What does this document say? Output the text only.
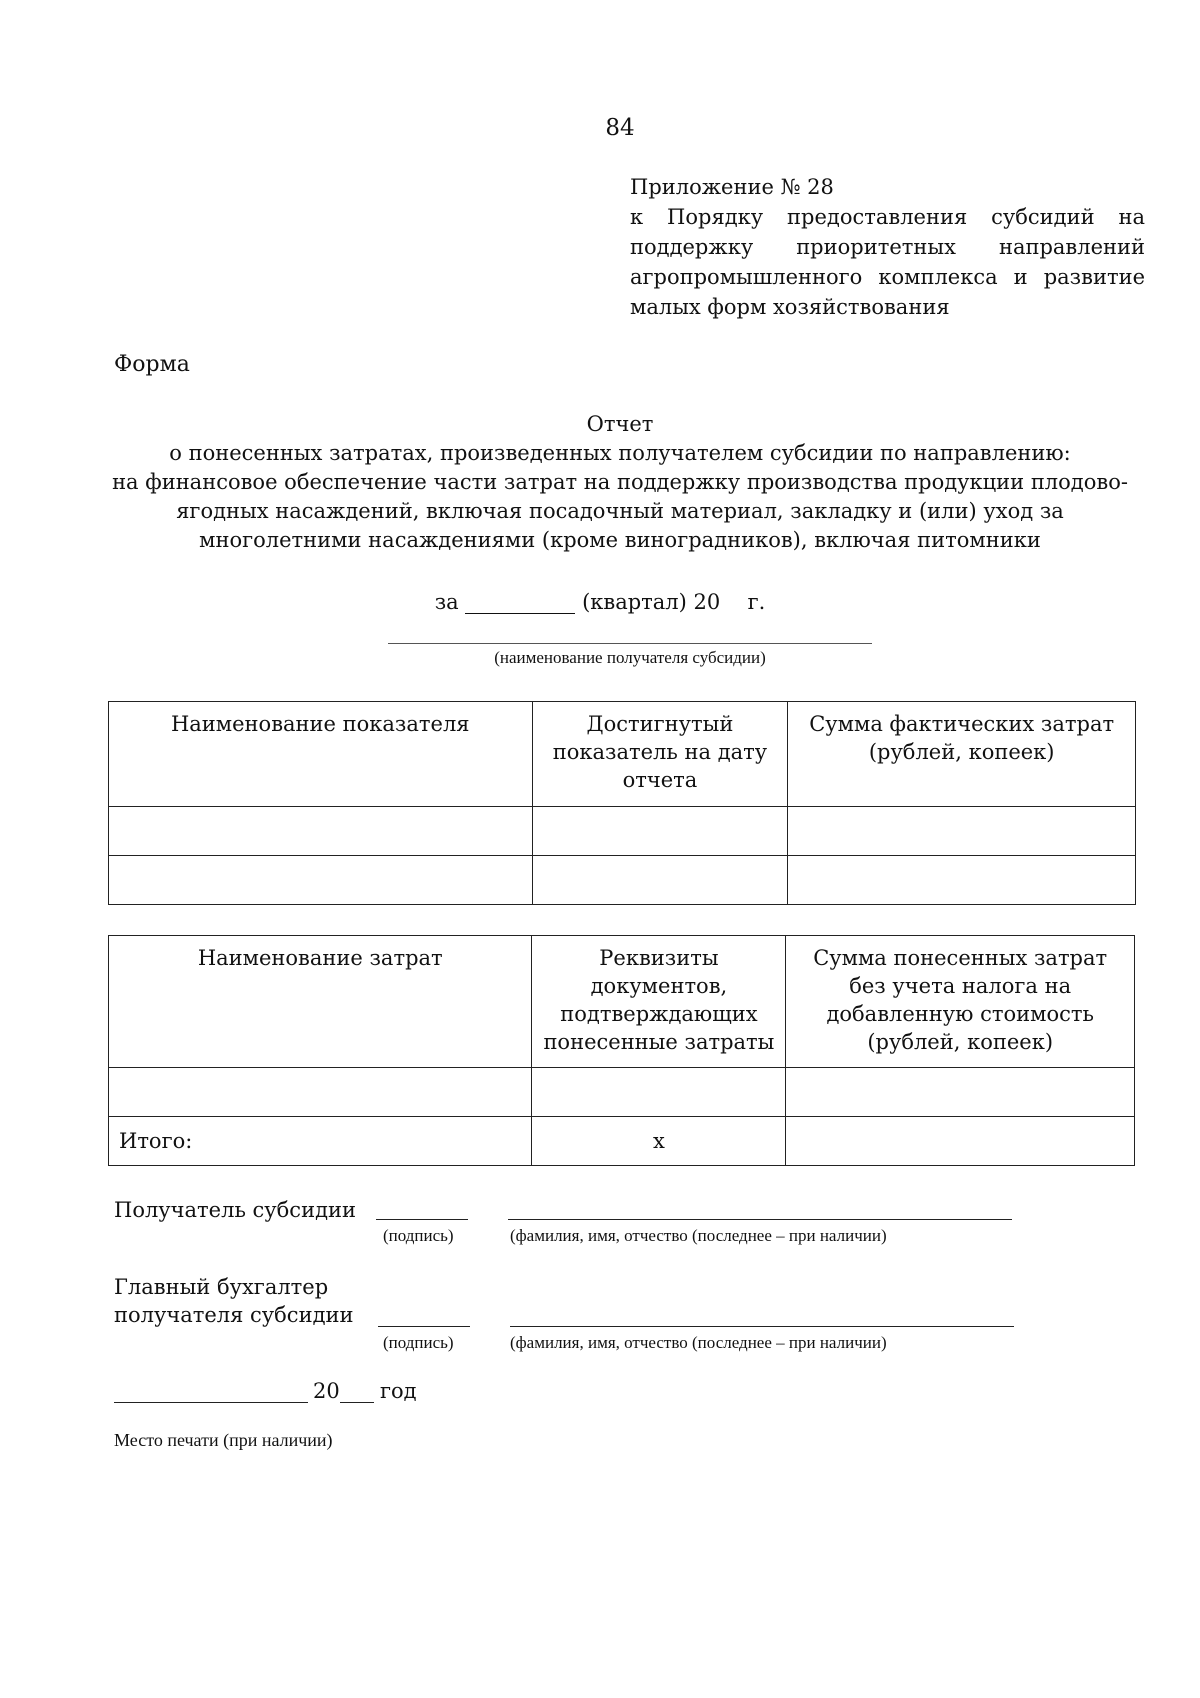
84
Приложение № 28
к Порядку предоставления субсидий на
поддержку приоритетных направлений
агропромышленного комплекса и развитие
малых форм хозяйствования
Форма
Отчет
о понесенных затратах, произведенных получателем субсидии по направлению:
на финансовое обеспечение части затрат на поддержку производства продукции плодово-
ягодных насаждений, включая посадочный материал, закладку и (или) уход за
многолетними насаждениями (кроме виноградников), включая питомники
за	(квартал) 20 г.
(наименование получателя субсидии)
Наименование показателя	Достигнутый показатель на дату отчета	Сумма фактических затрат (рублей, копеек)

Наименование затрат	Реквизиты документов, подтверждающих понесенные затраты	Сумма понесенных затрат без учета налога на добавленную стоимость (рублей, копеек)

Итого:	х	
Получатель субсидии
(подпись)	(фамилия, имя, отчество (последнее – при наличии)
Главный бухгалтер
получателя субсидии
(подпись)	(фамилия, имя, отчество (последнее – при наличии)
20 год
Место печати (при наличии)
